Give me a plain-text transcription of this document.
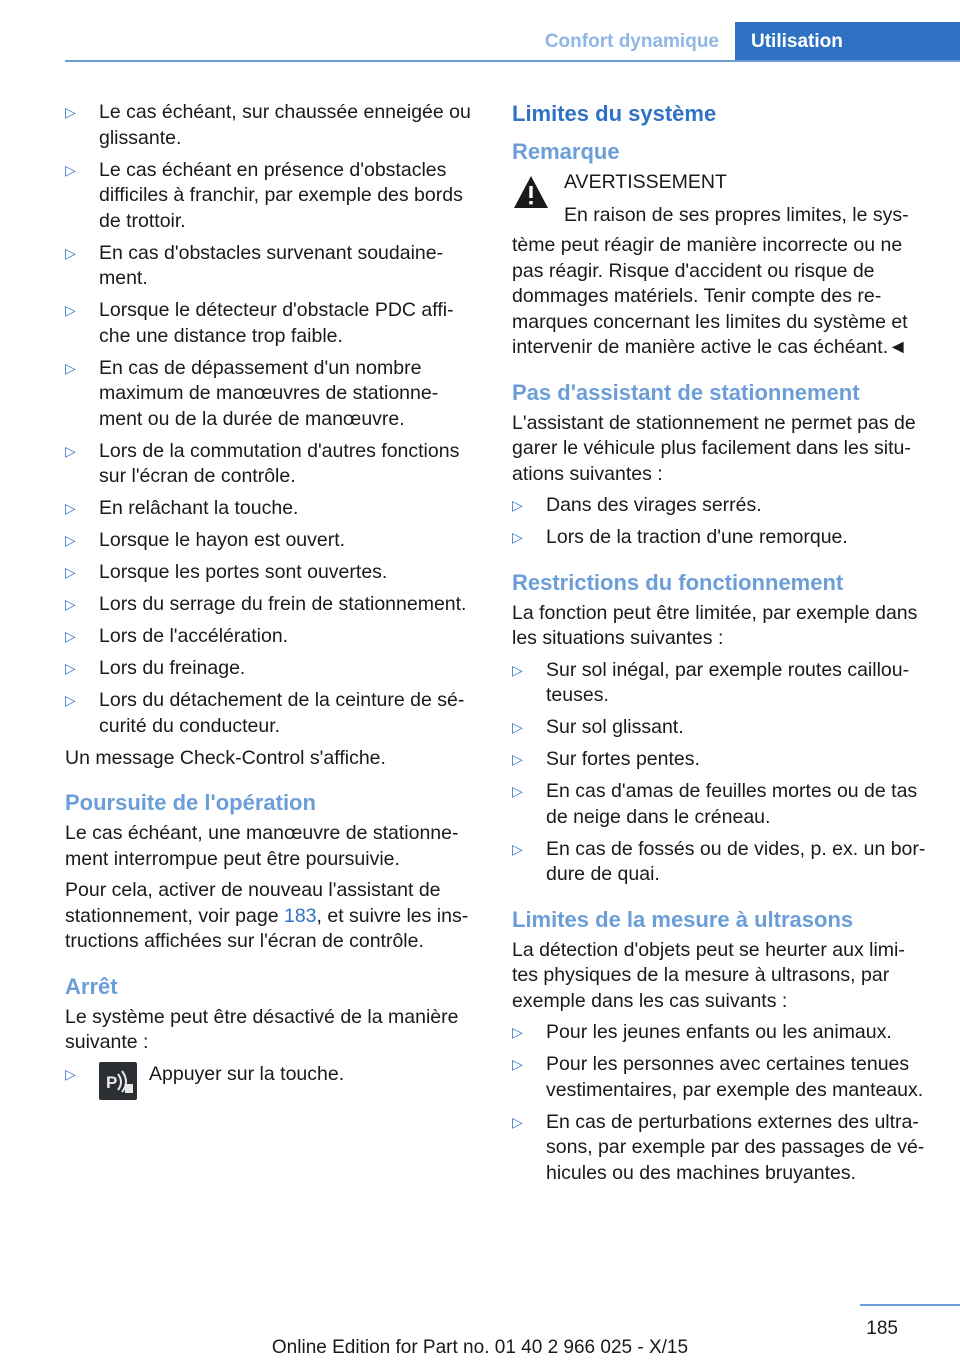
Confort dynamique	Utilisation
▷ Le cas échéant, sur chaussée enneigée ou glissante.
▷ Le cas échéant en présence d'obstacles difficiles à franchir, par exemple des bords de trottoir.
▷ En cas d'obstacles survenant soudaine‐ment.
▷ Lorsque le détecteur d'obstacle PDC affi‐che une distance trop faible.
▷ En cas de dépassement d'un nombre maximum de manœuvres de stationne‐ment ou de la durée de manœuvre.
▷ Lors de la commutation d'autres fonctions sur l'écran de contrôle.
▷ En relâchant la touche.
▷ Lorsque le hayon est ouvert.
▷ Lorsque les portes sont ouvertes.
▷ Lors du serrage du frein de stationnement.
▷ Lors de l'accélération.
▷ Lors du freinage.
▷ Lors du détachement de la ceinture de sé‐curité du conducteur.

Un message Check-Control s'affiche.

Poursuite de l'opération

Le cas échéant, une manœuvre de stationne‐ment interrompue peut être poursuivie.

Pour cela, activer de nouveau l'assistant de stationnement, voir page 183, et suivre les ins‐tructions affichées sur l'écran de contrôle.

Arrêt

Le système peut être désactivé de la manière suivante :

▷ P Appuyer sur la touche.
Limites du système
Remarque
AVERTISSEMENT
En raison de ses propres limites, le sys‐

tème peut réagir de manière incorrecte ou ne pas réagir. Risque d'accident ou risque de dommages matériels. Tenir compte des re‐marques concernant les limites du système et intervenir de manière active le cas échéant.◄

Pas d'assistant de stationnement

L'assistant de stationnement ne permet pas de garer le véhicule plus facilement dans les situ‐ations suivantes :

▷ Dans des virages serrés.
▷ Lors de la traction d'une remorque.
Restrictions du fonctionnement

La fonction peut être limitée, par exemple dans les situations suivantes :

▷ Sur sol inégal, par exemple routes caillou‐teuses.
▷ Sur sol glissant.
▷ Sur fortes pentes.
▷ En cas d'amas de feuilles mortes ou de tas de neige dans le créneau.
▷ En cas de fossés ou de vides, p. ex. un bor‐dure de quai.
Limites de la mesure à ultrasons

La détection d'objets peut se heurter aux limi‐tes physiques de la mesure à ultrasons, par exemple dans les cas suivants :

▷ Pour les jeunes enfants ou les animaux.
▷ Pour les personnes avec certaines tenues vestimentaires, par exemple des manteaux.
▷ En cas de perturbations externes des ultra‐sons, par exemple par des passages de vé‐hicules ou des machines bruyantes.
185
Online Edition for Part no. 01 40 2 966 025 - X/15
